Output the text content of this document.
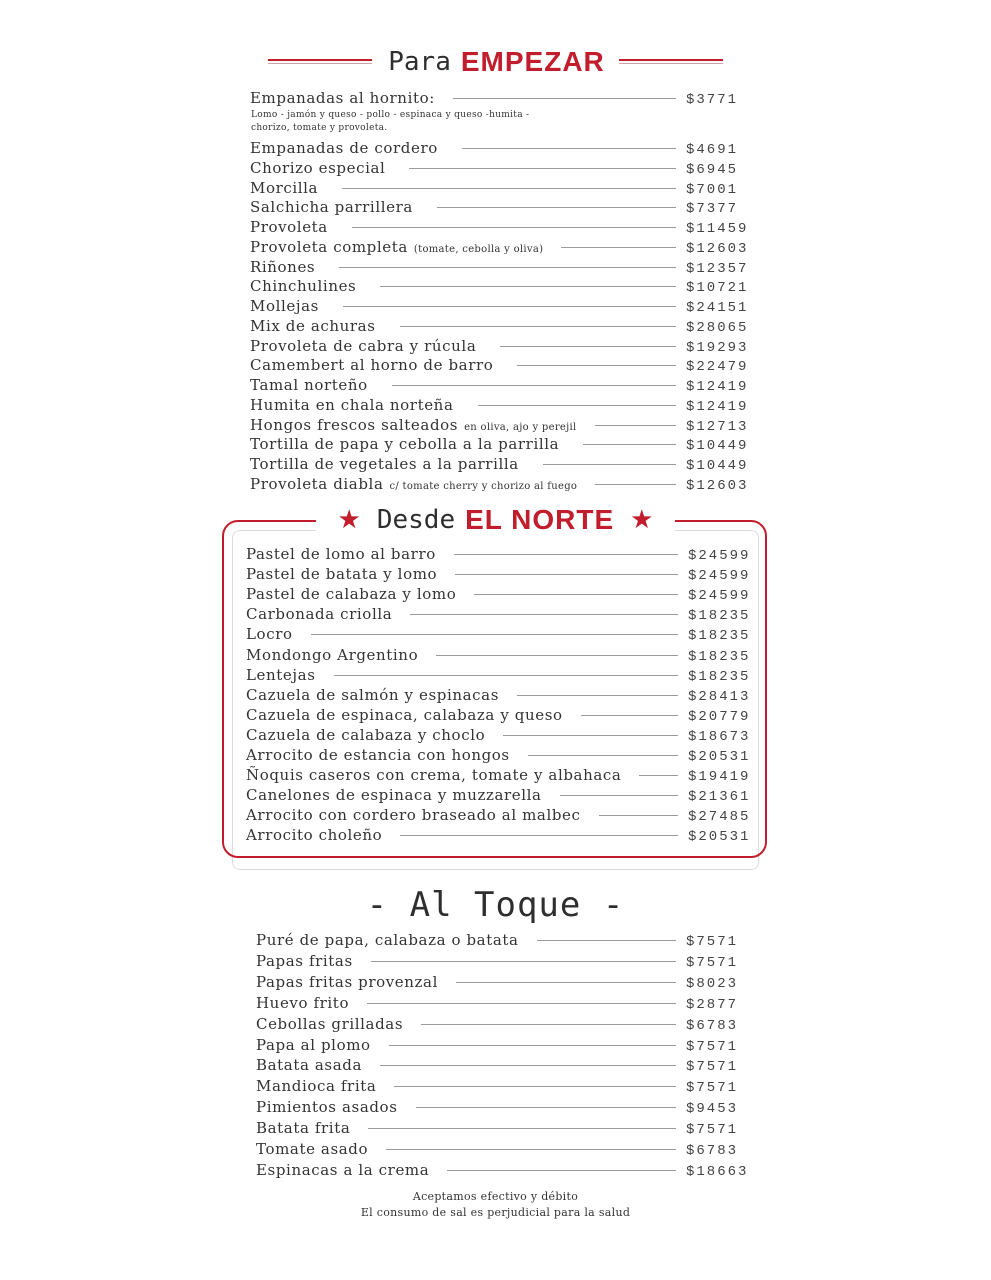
Para EMPEZAR
Empanadas al hornito:	$3771
Lomo - jamón y queso - pollo - espinaca y queso -humita -
chorizo, tomate y provoleta.
Empanadas de cordero	$4691
Chorizo especial	$6945
Morcilla	$7001
Salchicha parrillera	$7377
Provoleta	$11459
Provoleta completa (tomate, cebolla y oliva)	$12603
Riñones	$12357
Chinchulines	$10721
Mollejas	$24151
Mix de achuras	$28065
Provoleta de cabra y rúcula	$19293
Camembert al horno de barro	$22479
Tamal norteño	$12419
Humita en chala norteña	$12419
Hongos frescos salteados en oliva, ajo y perejil	$12713
Tortilla de papa y cebolla a la parrilla	$10449
Tortilla de vegetales a la parrilla	$10449
Provoleta diabla c/ tomate cherry y chorizo al fuego	$12603
★ Desde EL NORTE ★
Pastel de lomo al barro	$24599
Pastel de batata y lomo	$24599
Pastel de calabaza y lomo	$24599
Carbonada criolla	$18235
Locro	$18235
Mondongo Argentino	$18235
Lentejas	$18235
Cazuela de salmón y espinacas	$28413
Cazuela de espinaca, calabaza y queso	$20779
Cazuela de calabaza y choclo	$18673
Arrocito de estancia con hongos	$20531
Ñoquis caseros con crema, tomate y albahaca	$19419
Canelones de espinaca y muzzarella	$21361
Arrocito con cordero braseado al malbec	$27485
Arrocito choleño	$20531
- Al Toque -
Puré de papa, calabaza o batata	$7571
Papas fritas	$7571
Papas fritas provenzal	$8023
Huevo frito	$2877
Cebollas grilladas	$6783
Papa al plomo	$7571
Batata asada	$7571
Mandioca frita	$7571
Pimientos asados	$9453
Batata frita	$7571
Tomate asado	$6783
Espinacas a la crema	$18663
Aceptamos efectivo y débito
El consumo de sal es perjudicial para la salud
